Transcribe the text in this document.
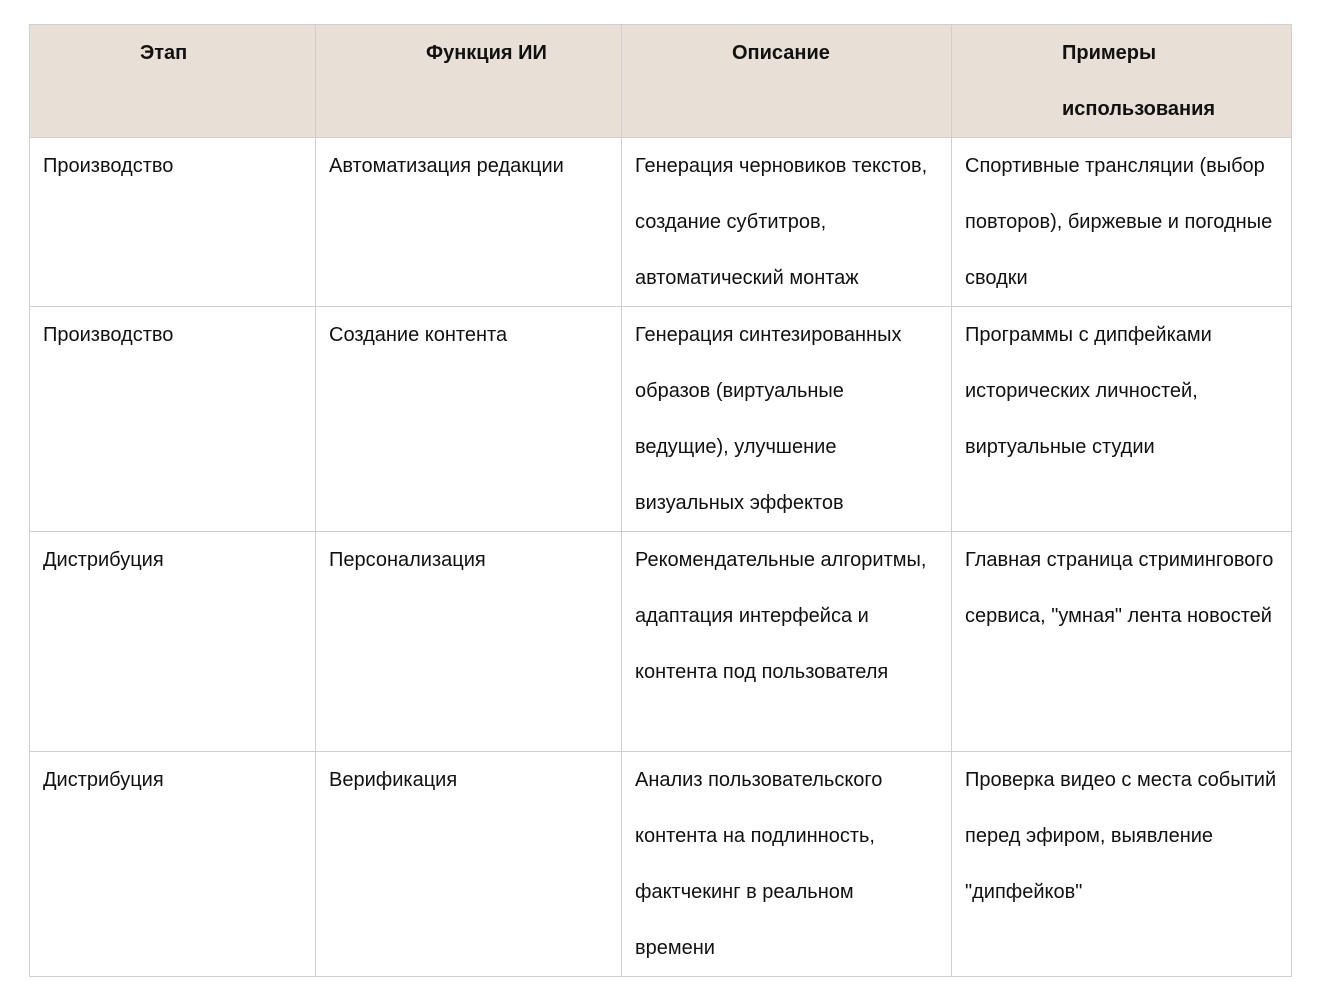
Этап	Функция ИИ	Описание	Примеры использования
Производство	Автоматизация редакции	Генерация черновиков текстов, создание субтитров, автоматический монтаж	Спортивные трансляции (выбор повторов), биржевые и погодные сводки
Производство	Создание контента	Генерация синтезированных образов (виртуальные ведущие), улучшение визуальных эффектов	Программы с дипфейками исторических личностей, виртуальные студии
Дистрибуция	Персонализация	Рекомендательные алгоритмы, адаптация интерфейса и контента под пользователя	Главная страница стримингового сервиса, "умная" лента новостей
Дистрибуция	Верификация	Анализ пользовательского контента на подлинность, фактчекинг в реальном времени	Проверка видео с места событий перед эфиром, выявление "дипфейков"
